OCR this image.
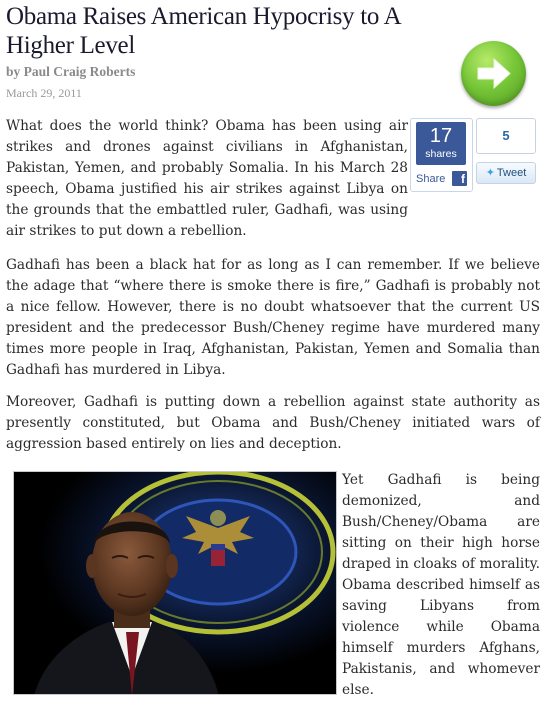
Obama Raises American Hypocrisy to A Higher Level
by Paul Craig Roberts
March 29, 2011

What does the world think? Obama has been using air strikes and drones against civilians in Afghanistan, Pakistan, Yemen, and probably Somalia. In his March 28 speech, Obama justified his air strikes against Libya on the grounds that the embattled ruler, Gadhafi, was using air strikes to put down a rebellion.

17
shares
Share	f
5
✦ Tweet

Gadhafi has been a black hat for as long as I can remember. If we believe the adage that “where there is smoke there is fire,” Gadhafi is probably not a nice fellow. However, there is no doubt whatsoever that the current US president and the predecessor Bush/Cheney regime have murdered many times more people in Iraq, Afghanistan, Pakistan, Yemen and Somalia than Gadhafi has murdered in Libya.

Moreover, Gadhafi is putting down a rebellion against state authority as presently constituted, but Obama and Bush/Cheney initiated wars of aggression based entirely on lies and deception.

Yet Gadhafi is being demonized, and Bush/Cheney/Obama are sitting on their high horse draped in cloaks of morality. Obama described himself as saving Libyans from violence while Obama himself murders Afghans, Pakistanis, and whomever else.
